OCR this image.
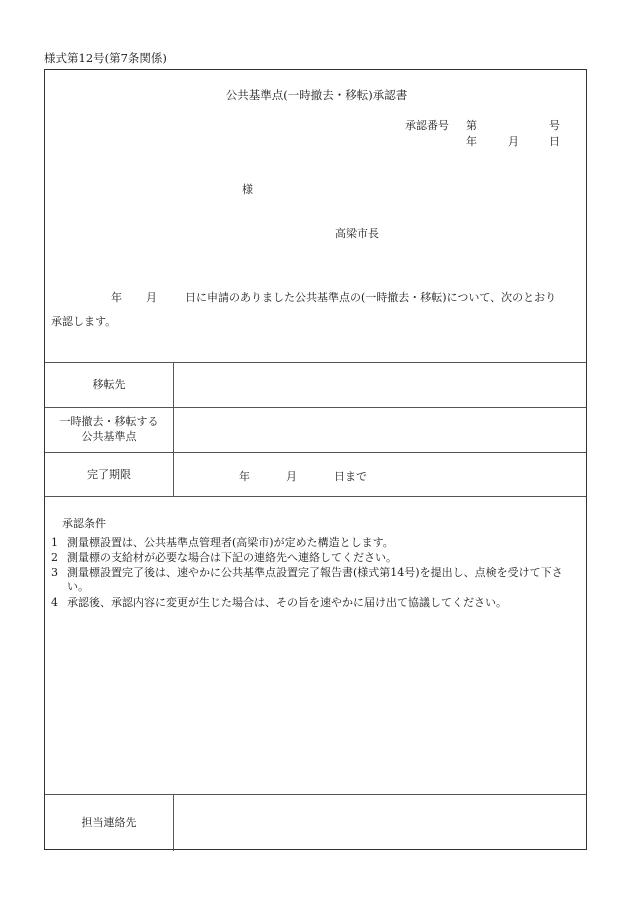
様式第12号(第7条関係)
公共基準点(一時撤去・移転)承認書
承認番号 第	号
年	月	日
様
高梁市長
年 月	日に申請のありました公共基準点の(一時撤去・移転)について、次のとおり
承認します。
移転先
一時撤去・移転する
公共基準点
完了期限	年	月	日まで
承認条件
1 測量標設置は、公共基準点管理者(高梁市)が定めた構造とします。
2 測量標の支給材が必要な場合は下記の連絡先へ連絡してください。
3 測量標設置完了後は、速やかに公共基準点設置完了報告書(様式第14号)を提出し、点検を受けて下さい。
4 承認後、承認内容に変更が生じた場合は、その旨を速やかに届け出て協議してください。
担当連絡先
